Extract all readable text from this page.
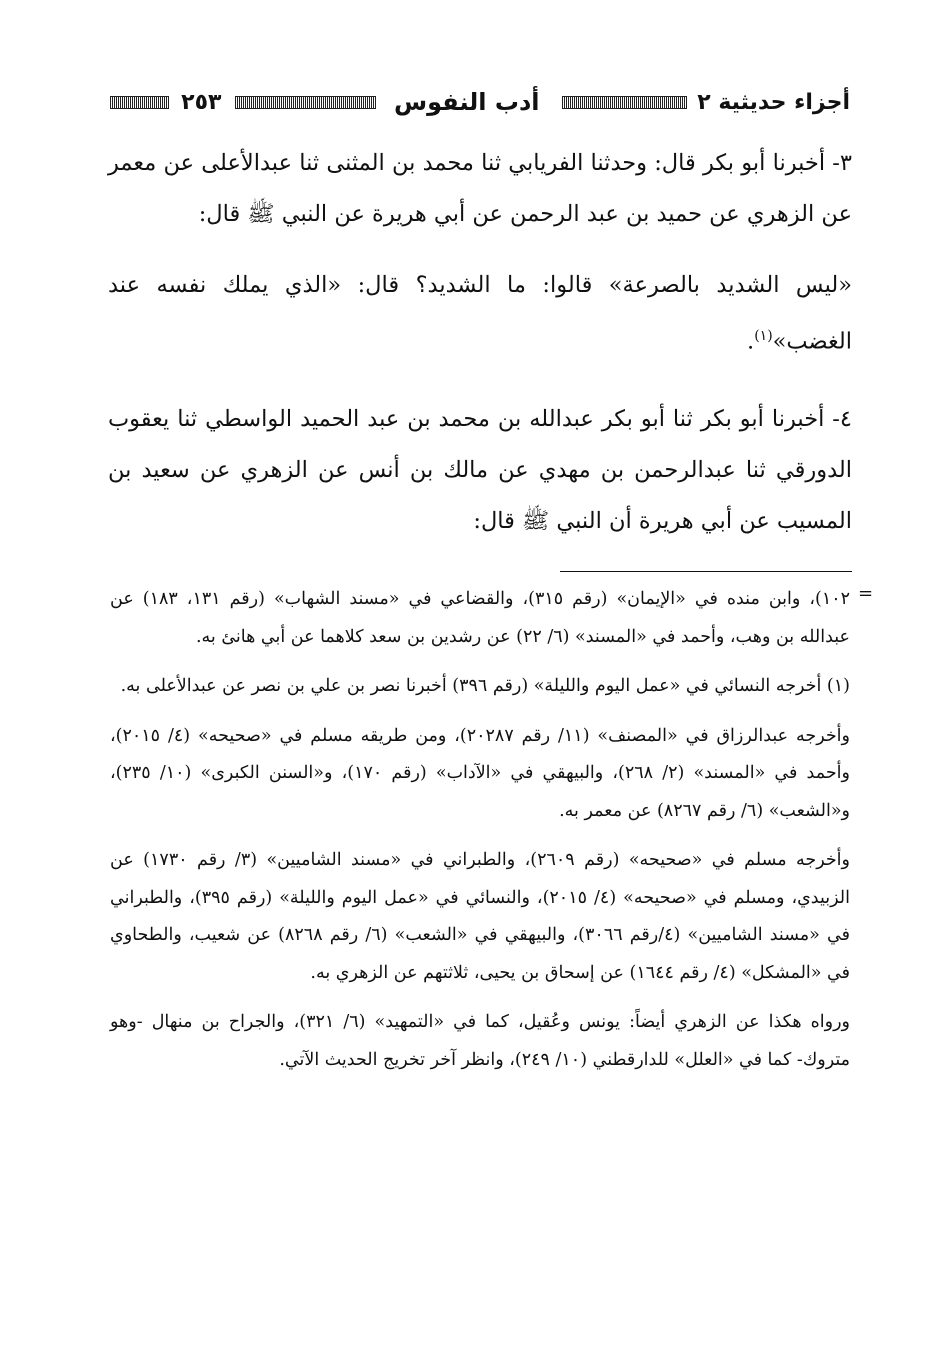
أجزاء حديثية ٢
أدب النفوس
٢٥٣

٣- أخبرنا أبو بكر قال: وحدثنا الفريابي ثنا محمد بن المثنى ثنا عبدالأعلى عن معمر عن الزهري عن حميد بن عبد الرحمن عن أبي هريرة عن النبي ﷺ قال:

«ليس الشديد بالصرعة» قالوا: ما الشديد؟ قال: «الذي يملك نفسه عند الغضب»$^{(١)}$.

٤- أخبرنا أبو بكر ثنا أبو بكر عبدالله بن محمد بن عبد الحميد الواسطي ثنا يعقوب الدورقي ثنا عبدالرحمن بن مهدي عن مالك بن أنس عن الزهري عن سعيد بن المسيب عن أبي هريرة أن النبي ﷺ قال:

=

١٠٢)، وابن منده في «الإيمان» (رقم ٣١٥)، والقضاعي في «مسند الشهاب» (رقم ١٣١، ١٨٣) عن عبدالله بن وهب، وأحمد في «المسند» (٦/ ٢٢) عن رشدين بن سعد كلاهما عن أبي هانئ به.

(١) أخرجه النسائي في «عمل اليوم والليلة» (رقم ٣٩٦) أخبرنا نصر بن علي بن نصر عن عبدالأعلى به.

وأخرجه عبدالرزاق في «المصنف» (١١/ رقم ٢٠٢٨٧)، ومن طريقه مسلم في «صحيحه» (٤/ ٢٠١٥)، وأحمد في «المسند» (٢/ ٢٦٨)، والبيهقي في «الآداب» (رقم ١٧٠)، و«السنن الكبرى» (١٠/ ٢٣٥)، و«الشعب» (٦/ رقم ٨٢٦٧) عن معمر به.

وأخرجه مسلم في «صحيحه» (رقم ٢٦٠٩)، والطبراني في «مسند الشاميين» (٣/ رقم ١٧٣٠) عن الزبيدي، ومسلم في «صحيحه» (٤/ ٢٠١٥)، والنسائي في «عمل اليوم والليلة» (رقم ٣٩٥)، والطبراني في «مسند الشاميين» (٤/رقم ٣٠٦٦)، والبيهقي في «الشعب» (٦/ رقم ٨٢٦٨) عن شعيب، والطحاوي في «المشكل» (٤/ رقم ١٦٤٤) عن إسحاق بن يحيى، ثلاثتهم عن الزهري به.

ورواه هكذا عن الزهري أيضاً: يونس وعُقيل، كما في «التمهيد» (٦/ ٣٢١)، والجراح بن منهال -وهو متروك- كما في «العلل» للدارقطني (١٠/ ٢٤٩)، وانظر آخر تخريج الحديث الآتي.
